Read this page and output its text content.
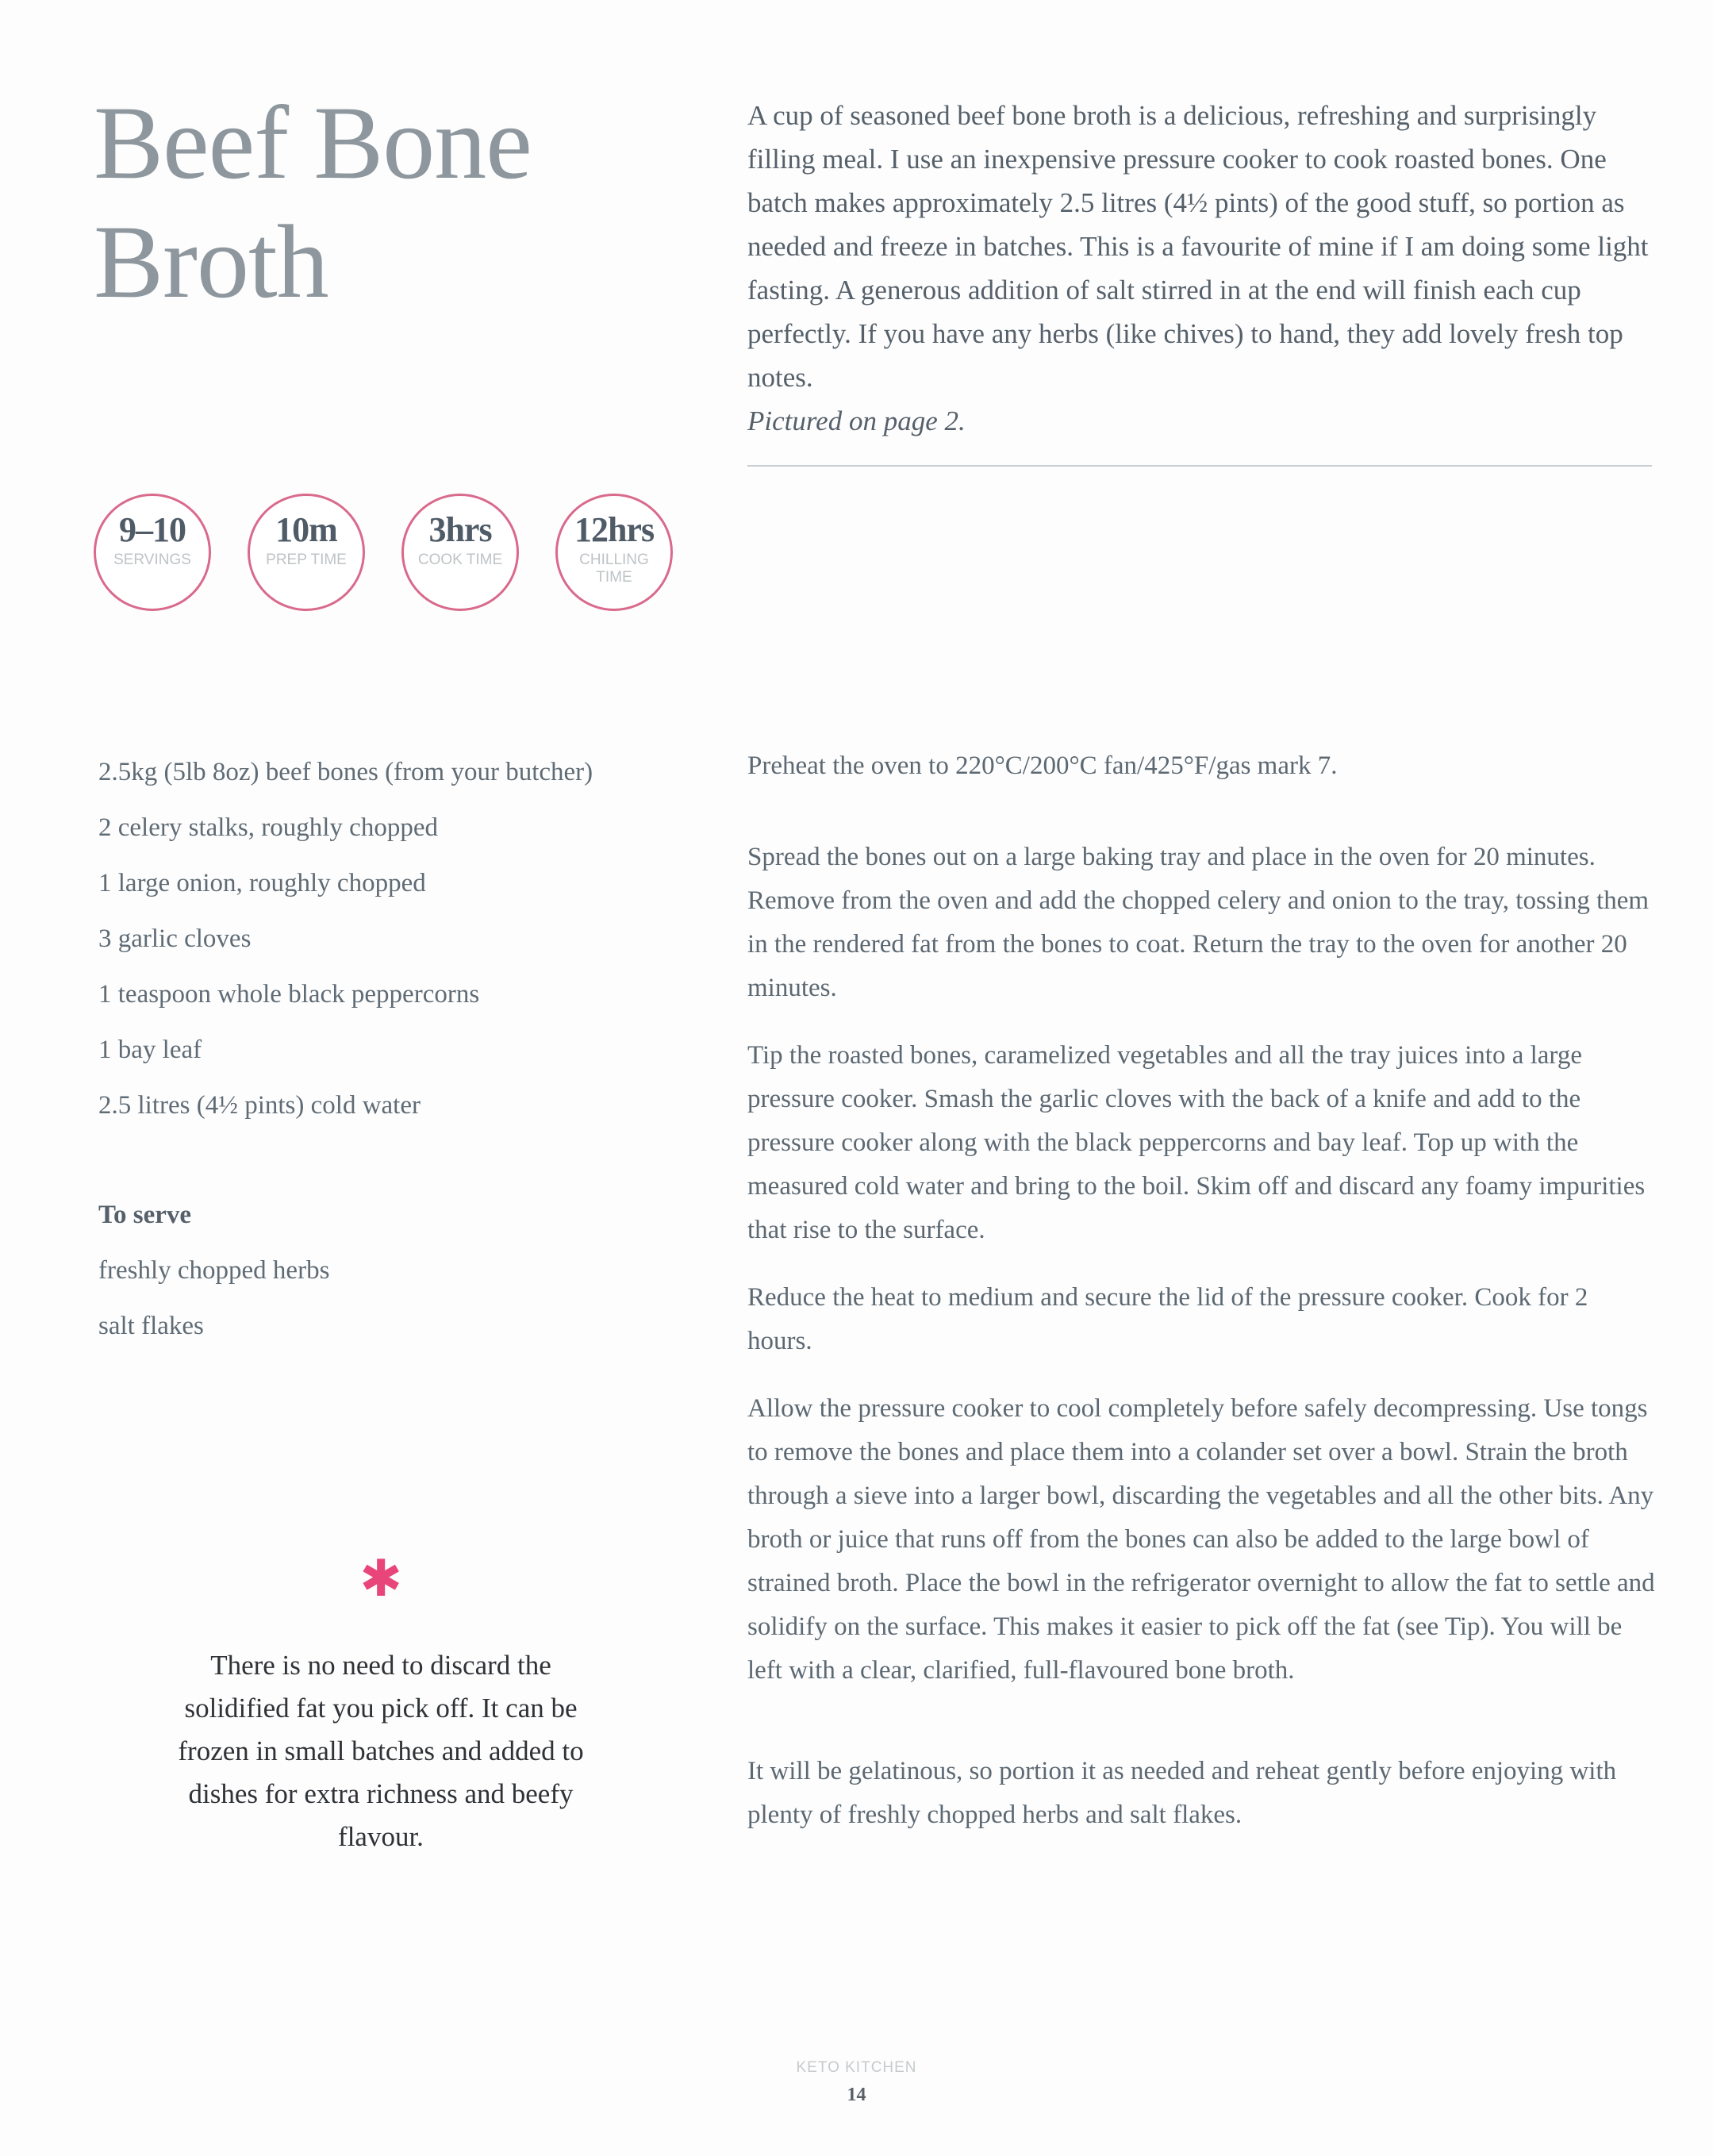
Beef Bone
Broth
A cup of seasoned beef bone broth is a delicious, refreshing and surprisingly filling meal. I use an inexpensive pressure cooker to cook roasted bones. One batch makes approximately 2.5 litres (4½ pints) of the good stuff, so portion as needed and freeze in batches. This is a favourite of mine if I am doing some light fasting. A generous addition of salt stirred in at the end will finish each cup perfectly. If you have any herbs (like chives) to hand, they add lovely fresh top notes.
Pictured on page 2.
9–10
SERVINGS
10m
PREP TIME
3hrs
COOK TIME
12hrs
CHILLING TIME
2.5kg (5lb 8oz) beef bones (from your butcher)
2 celery stalks, roughly chopped
1 large onion, roughly chopped
3 garlic cloves
1 teaspoon whole black peppercorns
1 bay leaf
2.5 litres (4½ pints) cold water
To serve
freshly chopped herbs
salt flakes
✱
There is no need to discard the solidified fat you pick off. It can be frozen in small batches and added to dishes for extra richness and beefy flavour.

Preheat the oven to 220°C/200°C fan/425°F/gas mark 7.

Spread the bones out on a large baking tray and place in the oven for 20 minutes. Remove from the oven and add the chopped celery and onion to the tray, tossing them in the rendered fat from the bones to coat. Return the tray to the oven for another 20 minutes.

Tip the roasted bones, caramelized vegetables and all the tray juices into a large pressure cooker. Smash the garlic cloves with the back of a knife and add to the pressure cooker along with the black peppercorns and bay leaf. Top up with the measured cold water and bring to the boil. Skim off and discard any foamy impurities that rise to the surface.

Reduce the heat to medium and secure the lid of the pressure cooker. Cook for 2 hours.

Allow the pressure cooker to cool completely before safely decompressing. Use tongs to remove the bones and place them into a colander set over a bowl. Strain the broth through a sieve into a larger bowl, discarding the vegetables and all the other bits. Any broth or juice that runs off from the bones can also be added to the large bowl of strained broth. Place the bowl in the refrigerator overnight to allow the fat to settle and solidify on the surface. This makes it easier to pick off the fat (see Tip). You will be left with a clear, clarified, full-flavoured bone broth.

It will be gelatinous, so portion it as needed and reheat gently before enjoying with plenty of freshly chopped herbs and salt flakes.

KETO KITCHEN
14
